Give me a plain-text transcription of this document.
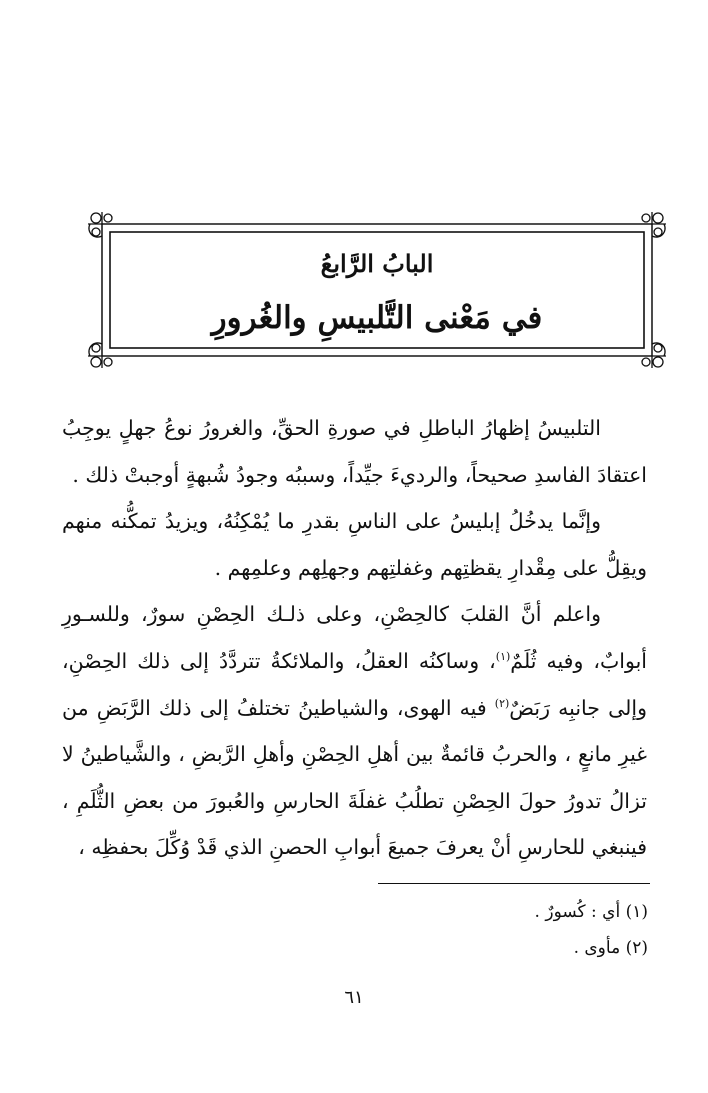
البابُ الرَّابعُ
في مَعْنى التَّلبيسِ والغُرورِ

التلبيسُ إظهارُ الباطلِ في صورةِ الحقِّ، والغرورُ نوعُ جهلٍ يوجِبُ اعتقادَ الفاسدِ صحيحاً، والرديءَ جيِّداً، وسببُه وجودُ شُبهةٍ أوجبتْ ذلك .

وإنَّما يدخُلُ إبليسُ على الناسِ بقدرِ ما يُمْكِنُهُ، ويزيدُ تمكُّنه منهم ويقِلُّ على مِقْدارِ يقظتِهم وغفلتِهم وجهلِهم وعلمِهم .

واعلم أنَّ القلبَ كالحِصْنِ، وعلى ذلـك الحِصْنِ سورٌ، وللسـورِ أبوابٌ، وفيه ثُلَمٌ$^{(١)}$، وساكنُه العقلُ، والملائكةُ تتردَّدُ إلى ذلك الحِصْنِ، وإلى جانبِه رَبَضٌ$^{(٢)}$ فيه الهوى، والشياطينُ تختلفُ إلى ذلك الرَّبَضِ من غيرِ مانعٍ ، والحربُ قائمةٌ بين أهلِ الحِصْنِ وأهلِ الرَّبضِ ، والشَّياطينُ لا تزالُ تدورُ حولَ الحِصْنِ تطلُبُ غفلَةَ الحارسِ والعُبورَ من بعضِ الثُّلَمِ ، فينبغي للحارسِ أنْ يعرفَ جميعَ أبوابِ الحصنِ الذي قَدْ وُكِّلَ بحفظِه ،

(١) أي : كُسورٌ .
(٢) مأوى .
٦١
